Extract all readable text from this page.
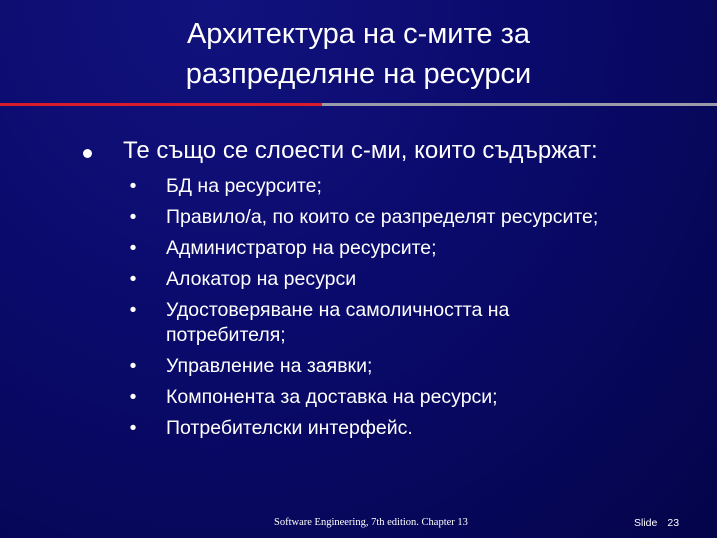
Архитектура на с-мите за
разпределяне на ресурси
Те също се слоести с-ми, които съдържат:
• БД на ресурсите;
• Правило/а, по които се разпределят ресурсите;
• Администратор на ресурсите;
• Алокатор на ресурси
• Удостоверяване на самоличността на потребителя;
• Управление на заявки;
• Компонента за доставка на ресурси;
• Потребителски интерфейс.
Software Engineering, 7th edition. Chapter 13	Slide 23
